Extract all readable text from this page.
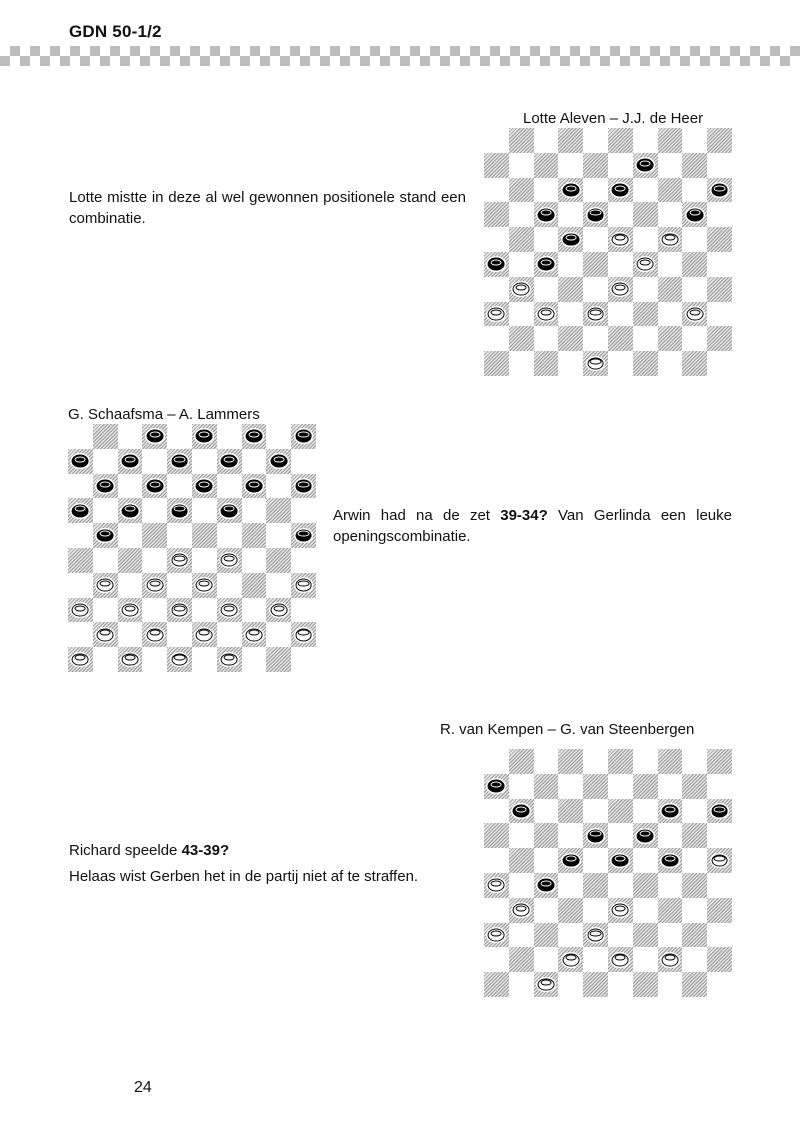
GDN 50-1/2
Lotte Aleven – J.J. de Heer
Lotte mistte in deze al wel gewonnen positionele stand een combinatie.
G. Schaafsma – A. Lammers
Arwin had na de zet 39-34? Van Gerlinda een leuke openingscombinatie.
R. van Kempen – G. van Steenbergen
Richard speelde 43-39?
Helaas wist Gerben het in de partij niet af te straffen.
24
